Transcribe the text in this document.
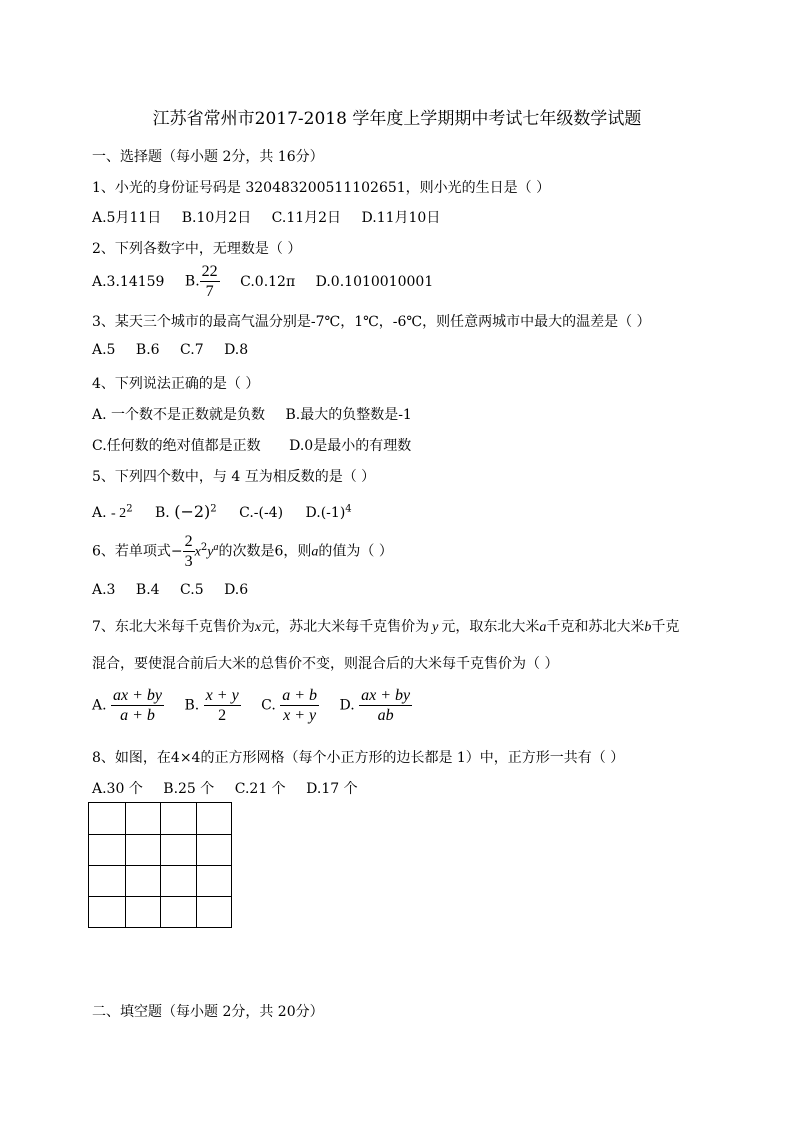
江苏省常州市2017-2018 学年度上学期期中考试七年级数学试题
一、选择题（每小题 2分，共 16分）
1、小光的身份证号码是 320483200511102651，则小光的生日是（ ）
A.5月11日 B.10月2日 C.11月2日 D.11月10日
2、下列各数字中，无理数是（ ）
A.3.14159 B. $\frac{22}{7} C.0.12\pi$ D.0.1010010001
3、某天三个城市的最高气温分别是-7℃，1℃，-6℃，则任意两城市中最大的温差是（ ）
A.5 B.6 C.7 D.8
4、下列说法正确的是（ ）
A. 一个数不是正数就是负数 B.最大的负整数是-1
C.任何数的绝对值都是正数 D.0是最小的有理数
5、下列四个数中，与 4 互为相反数的是（ ）
A. - $2^2$ B. $(-2)^2$ C.-(-4) $D.(-1)^4$
6、若单项式− $\frac{2}{3} x^2y^a$的次数是6，则a的值为（ ）
A.3 B.4 C.5 D.6
7、东北大米每千克售价为x元，苏北大米每千克售价为 y 元，取东北大米a千克和苏北大米b千克
混合，要使混合前后大米的总售价不变，则混合后的大米每千克售价为（ ）
A. $\frac{ax + by}{a + b} B$. $\frac{x + y}{2} C$. $\frac{a + b}{x + y} D$. $\frac{ax + by}{ab}$
8、如图，在4×4的正方形网格（每个小正方形的边长都是 1）中，正方形一共有（ ）
A.30 个 B.25 个 C.21 个 D.17 个
二、填空题（每小题 2分，共 20分）
